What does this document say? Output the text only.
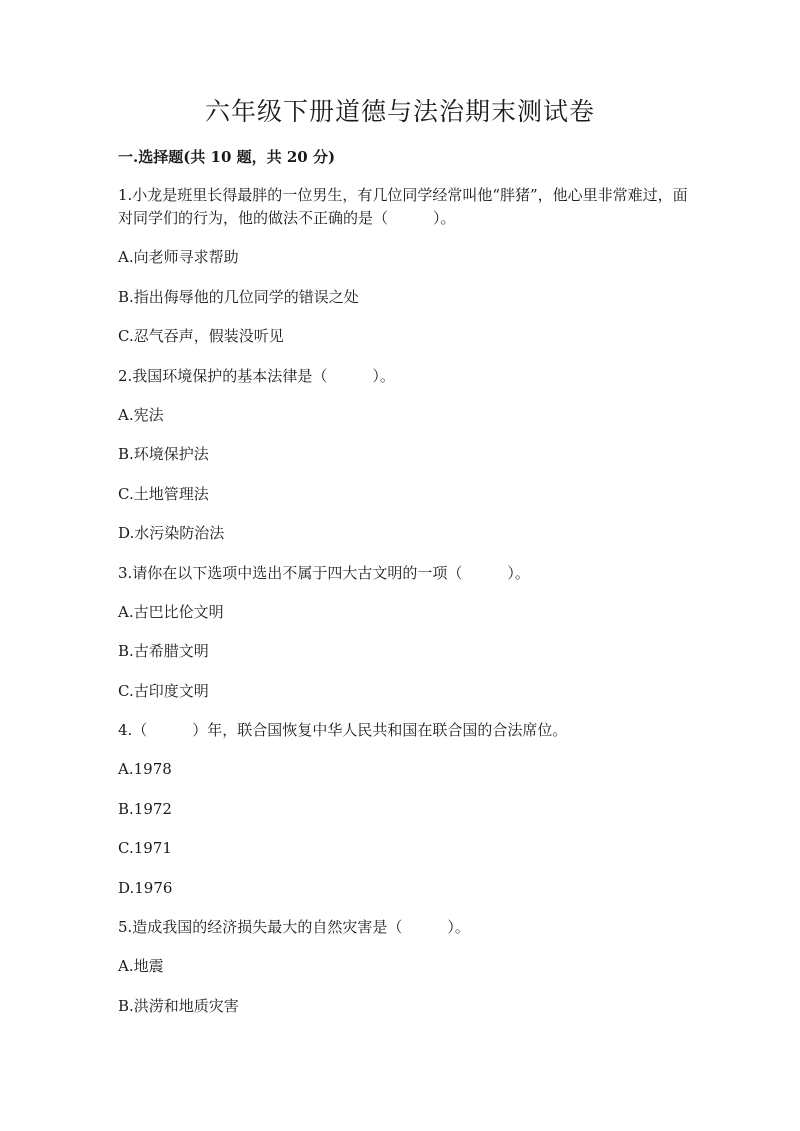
六年级下册道德与法治期末测试卷
一.选择题(共 10 题，共 20 分)

1.小龙是班里长得最胖的一位男生，有几位同学经常叫他“胖猪”，他心里非常难过，面对同学们的行为，他的做法不正确的是（　　　）。

A.向老师寻求帮助

B.指出侮辱他的几位同学的错误之处

C.忍气吞声，假装没听见

2.我国环境保护的基本法律是（　　　）。

A.宪法

B.环境保护法

C.土地管理法

D.水污染防治法

3.请你在以下选项中选出不属于四大古文明的一项（　　　）。

A.古巴比伦文明

B.古希腊文明

C.古印度文明

4.（　　　）年，联合国恢复中华人民共和国在联合国的合法席位。

A.1978

B.1972

C.1971

D.1976

5.造成我国的经济损失最大的自然灾害是（　　　）。

A.地震

B.洪涝和地质灾害
